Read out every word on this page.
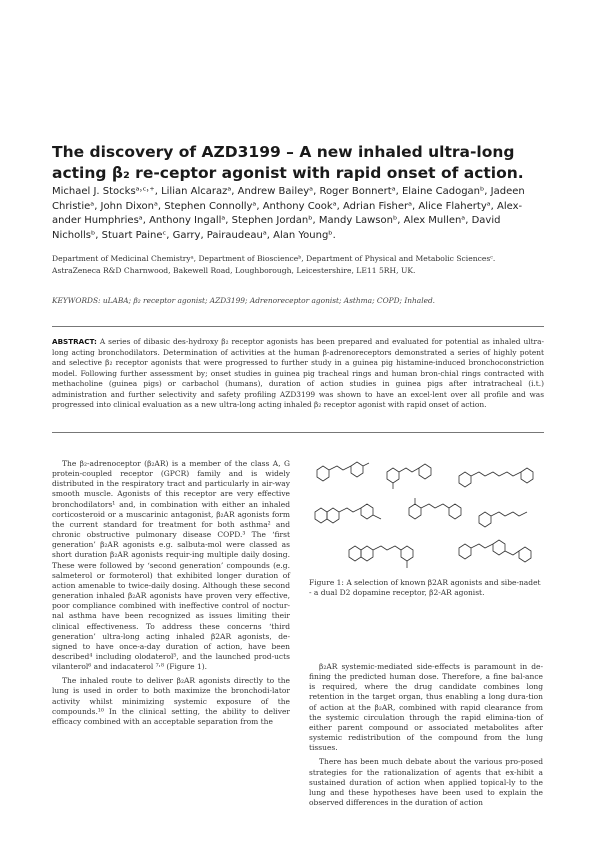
The discovery of AZD3199 – A new inhaled ultra-long acting β₂ re-ceptor agonist with rapid onset of action.
Michael J. Stocksᵃ˒ᶜ˒⁺, Lilian Alcarazᵃ, Andrew Baileyᵃ, Roger Bonnertᵃ, Elaine Cadoganᵇ, Jadeen Christieᵃ, John Dixonᵃ, Stephen Connollyᵃ, Anthony Cookᵃ, Adrian Fisherᵃ, Alice Flahertyᵃ, Alex-ander Humphriesᵃ, Anthony Ingallᵃ, Stephen Jordanᵇ, Mandy Lawsonᵇ, Alex Mullenᵃ, David Nichollsᵇ, Stuart Paineᶜ, Garry, Pairaudeauᵃ, Alan Youngᵇ.
Department of Medicinal Chemistryᵃ, Department of Bioscienceᵇ, Department of Physical and Metabolic Sciencesᶜ.
AstraZeneca R&D Charnwood, Bakewell Road, Loughborough, Leicestershire, LE11 5RH, UK.
KEYWORDS: uLABA; β₂ receptor agonist; AZD3199; Adrenoreceptor agonist; Asthma; COPD; Inhaled.
ABSTRACT: A series of dibasic des-hydroxy β₂ receptor agonists has been prepared and evaluated for potential as inhaled ultra-long acting bronchodilators. Determination of activities at the human β-adrenoreceptors demonstrated a series of highly potent and selective β₂ receptor agonists that were progressed to further study in a guinea pig histamine-induced bronchoconstriction model. Following further assessment by; onset studies in guinea pig tracheal rings and human bron-chial rings contracted with methacholine (guinea pigs) or carbachol (humans), duration of action studies in guinea pigs after intratracheal (i.t.) administration and further selectivity and safety profiling AZD3199 was shown to have an excel-lent over all profile and was progressed into clinical evaluation as a new ultra-long acting inhaled β₂ receptor agonist with rapid onset of action.

The β₂-adrenoceptor (β₂AR) is a member of the class A, G protein-coupled receptor (GPCR) family and is widely distributed in the respiratory tract and particularly in air-way smooth muscle. Agonists of this receptor are very effective bronchodilators¹ and, in combination with either an inhaled corticosteroid or a muscarinic antagonist, β₂AR agonists form the current standard for treatment for both asthma² and chronic obstructive pulmonary disease COPD.³ The ‘first generation’ β₂AR agonists e.g. salbuta-mol were classed as short duration β₂AR agonists requir-ing multiple daily dosing. These were followed by ‘second generation’ compounds (e.g. salmeterol or formoterol) that exhibited longer duration of action amenable to twice-daily dosing. Although these second generation inhaled β₂AR agonists have proven very effective, poor compliance combined with ineffective control of noctur-nal asthma have been recognized as issues limiting their clinical effectiveness. To address these concerns ‘third generation’ ultra-long acting inhaled β2AR agonists, de-signed to have once-a-day duration of action, have been described⁴ including olodaterol⁵, and the launched prod-ucts vilanterol⁶ and indacaterol ⁷˒⁸ (Figure 1).

The inhaled route to deliver β₂AR agonists directly to the lung is used in order to both maximize the bronchodi-lator activity whilst minimizing systemic exposure of the compounds.¹⁰ In the clinical setting, the ability to deliver efficacy combined with an acceptable separation from the

Figure 1: A selection of known β2AR agonists and sibe-nadet - a dual D2 dopamine receptor, β2-AR agonist.

β₂AR systemic-mediated side-effects is paramount in de-fining the predicted human dose. Therefore, a fine bal-ance is required, where the drug candidate combines long retention in the target organ, thus enabling a long dura-tion of action at the β₂AR, combined with rapid clearance from the systemic circulation through the rapid elimina-tion of either parent compound or associated metabolites after systemic redistribution of the compound from the lung tissues.

There has been much debate about the various pro-posed strategies for the rationalization of agents that ex-hibit a sustained duration of action when applied topical-ly to the lung and these hypotheses have been used to explain the observed differences in the duration of action
